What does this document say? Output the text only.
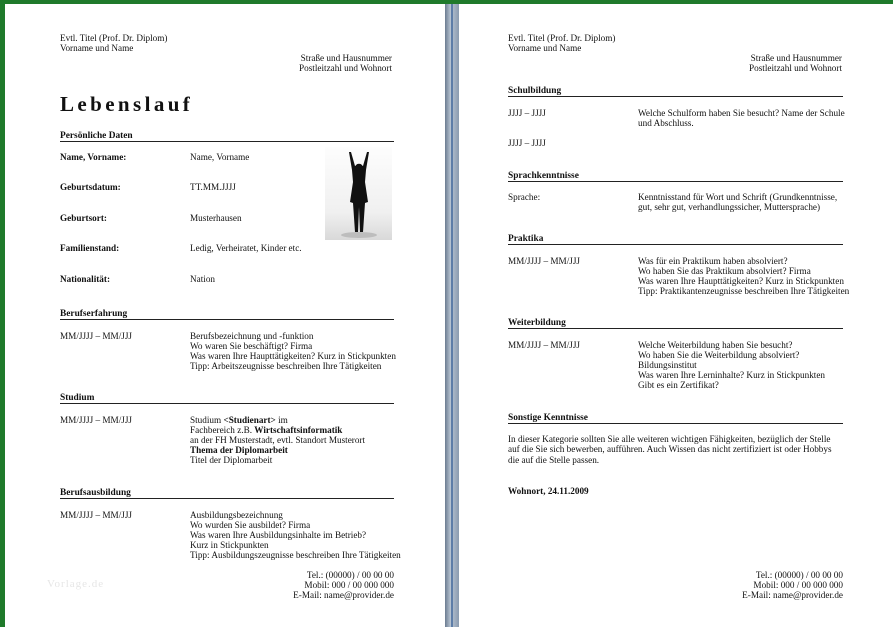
Evtl. Titel (Prof. Dr. Diplom)
Vorname und Name
Straße und Hausnummer
Postleitzahl und Wohnort
Lebenslauf
Persönliche Daten
Name, Vorname:	Name, Vorname
Geburtsdatum:	TT.MM.JJJJ
Geburtsort:	Musterhausen
Familienstand:	Ledig, Verheiratet, Kinder etc.
Nationalität:	Nation
Berufserfahrung
MM/JJJJ – MM/JJJ	Berufsbezeichnung und -funktion
Wo waren Sie beschäftigt? Firma
Was waren Ihre Haupttätigkeiten? Kurz in Stickpunkten
Tipp: Arbeitszeugnisse beschreiben Ihre Tätigkeiten
Studium
MM/JJJJ – MM/JJJ	Studium <Studienart> im
Fachbereich z.B. Wirtschaftsinformatik
an der FH Musterstadt, evtl. Standort Musterort
Thema der Diplomarbeit
Titel der Diplomarbeit
Berufsausbildung
MM/JJJJ – MM/JJJ	Ausbildungsbezeichnung
Wo wurden Sie ausbildet? Firma
Was waren Ihre Ausbildungsinhalte im Betrieb?
Kurz in Stickpunkten
Tipp: Ausbildungszeugnisse beschreiben Ihre Tätigkeiten
Vorlage.de
Tel.: (00000) / 00 00 00
Mobil: 000 / 00 000 000
E-Mail: name@provider.de
Evtl. Titel (Prof. Dr. Diplom)
Vorname und Name
Straße und Hausnummer
Postleitzahl und Wohnort
Schulbildung
JJJJ – JJJJ	Welche Schulform haben Sie besucht? Name der Schule und Abschluss.
JJJJ – JJJJ
Sprachkenntnisse
Sprache:	Kenntnisstand für Wort und Schrift (Grundkenntnisse, gut, sehr gut, verhandlungssicher, Muttersprache)
Praktika
MM/JJJJ – MM/JJJ	Was für ein Praktikum haben absolviert?
Wo haben Sie das Praktikum absolviert? Firma
Was waren Ihre Haupttätigkeiten? Kurz in Stickpunkten
Tipp: Praktikantenzeugnisse beschreiben Ihre Tätigkeiten
Weiterbildung
MM/JJJJ – MM/JJJ	Welche Weiterbildung haben Sie besucht?
Wo haben Sie die Weiterbildung absolviert?
Bildungsinstitut
Was waren Ihre Lerninhalte? Kurz in Stickpunkten
Gibt es ein Zertifikat?
Sonstige Kenntnisse
In dieser Kategorie sollten Sie alle weiteren wichtigen Fähigkeiten, bezüglich der Stelle auf die Sie sich bewerben, aufführen. Auch Wissen das nicht zertifiziert ist oder Hobbys die auf die Stelle passen.
Wohnort, 24.11.2009
Tel.: (00000) / 00 00 00
Mobil: 000 / 00 000 000
E-Mail: name@provider.de
